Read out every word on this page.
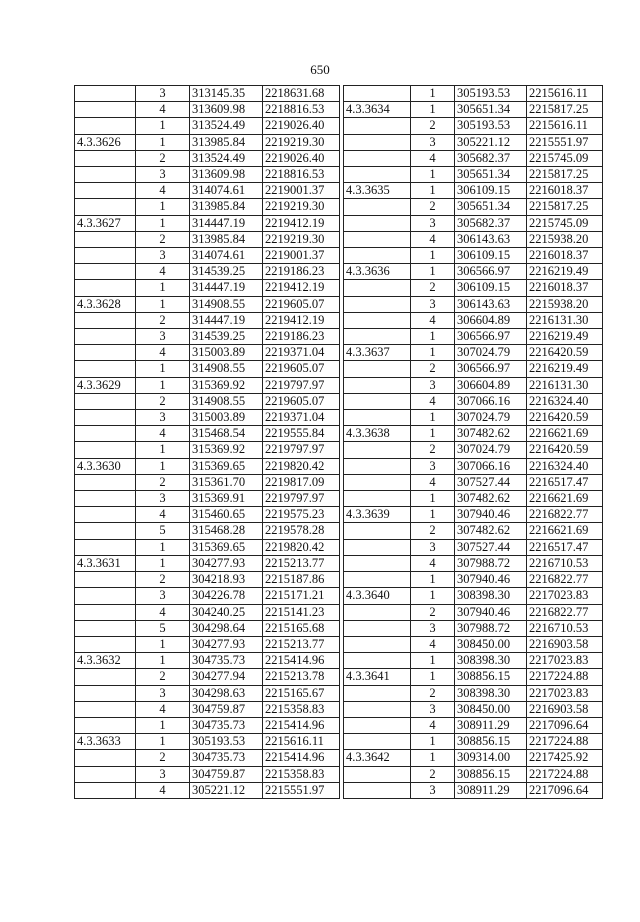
650
	3	313145.35	2218631.68
	4	313609.98	2218816.53
	1	313524.49	2219026.40
4.3.3626	1	313985.84	2219219.30
	2	313524.49	2219026.40
	3	313609.98	2218816.53
	4	314074.61	2219001.37
	1	313985.84	2219219.30
4.3.3627	1	314447.19	2219412.19
	2	313985.84	2219219.30
	3	314074.61	2219001.37
	4	314539.25	2219186.23
	1	314447.19	2219412.19
4.3.3628	1	314908.55	2219605.07
	2	314447.19	2219412.19
	3	314539.25	2219186.23
	4	315003.89	2219371.04
	1	314908.55	2219605.07
4.3.3629	1	315369.92	2219797.97
	2	314908.55	2219605.07
	3	315003.89	2219371.04
	4	315468.54	2219555.84
	1	315369.92	2219797.97
4.3.3630	1	315369.65	2219820.42
	2	315361.70	2219817.09
	3	315369.91	2219797.97
	4	315460.65	2219575.23
	5	315468.28	2219578.28
	1	315369.65	2219820.42
4.3.3631	1	304277.93	2215213.77
	2	304218.93	2215187.86
	3	304226.78	2215171.21
	4	304240.25	2215141.23
	5	304298.64	2215165.68
	1	304277.93	2215213.77
4.3.3632	1	304735.73	2215414.96
	2	304277.94	2215213.78
	3	304298.63	2215165.67
	4	304759.87	2215358.83
	1	304735.73	2215414.96
4.3.3633	1	305193.53	2215616.11
	2	304735.73	2215414.96
	3	304759.87	2215358.83
	4	305221.12	2215551.97
	1	305193.53	2215616.11
4.3.3634	1	305651.34	2215817.25
	2	305193.53	2215616.11
	3	305221.12	2215551.97
	4	305682.37	2215745.09
	1	305651.34	2215817.25
4.3.3635	1	306109.15	2216018.37
	2	305651.34	2215817.25
	3	305682.37	2215745.09
	4	306143.63	2215938.20
	1	306109.15	2216018.37
4.3.3636	1	306566.97	2216219.49
	2	306109.15	2216018.37
	3	306143.63	2215938.20
	4	306604.89	2216131.30
	1	306566.97	2216219.49
4.3.3637	1	307024.79	2216420.59
	2	306566.97	2216219.49
	3	306604.89	2216131.30
	4	307066.16	2216324.40
	1	307024.79	2216420.59
4.3.3638	1	307482.62	2216621.69
	2	307024.79	2216420.59
	3	307066.16	2216324.40
	4	307527.44	2216517.47
	1	307482.62	2216621.69
4.3.3639	1	307940.46	2216822.77
	2	307482.62	2216621.69
	3	307527.44	2216517.47
	4	307988.72	2216710.53
	1	307940.46	2216822.77
4.3.3640	1	308398.30	2217023.83
	2	307940.46	2216822.77
	3	307988.72	2216710.53
	4	308450.00	2216903.58
	1	308398.30	2217023.83
4.3.3641	1	308856.15	2217224.88
	2	308398.30	2217023.83
	3	308450.00	2216903.58
	4	308911.29	2217096.64
	1	308856.15	2217224.88
4.3.3642	1	309314.00	2217425.92
	2	308856.15	2217224.88
	3	308911.29	2217096.64
